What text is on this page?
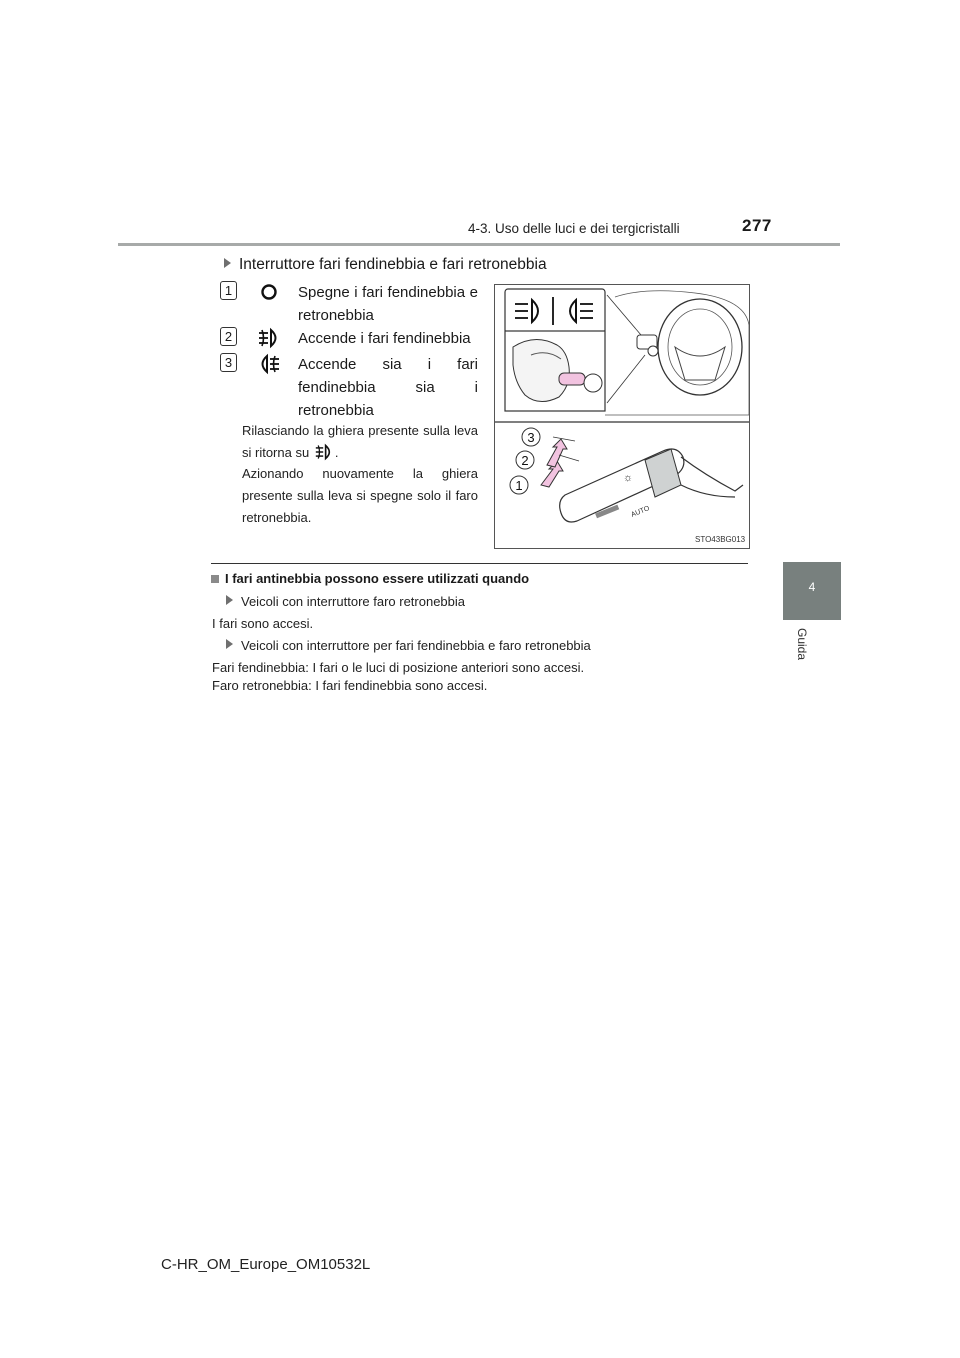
4-3. Uso delle luci e dei tergicristalli	277
4
Guida
Interruttore fari fendinebbia e fari retronebbia
1	Spegne i fari fendinebbia e retronebbia
2	Accende i fari fendinebbia
3	Accende sia i fari fendinebbia sia i retronebbia
Rilasciando la ghiera presente sulla leva si ritorna su .
Azionando nuovamente la ghiera presente sulla leva si spegne solo il faro retronebbia.
☼
AUTO
3
2
1
STO43BG013
I fari antinebbia possono essere utilizzati quando
Veicoli con interruttore faro retronebbia
I fari sono accesi.
Veicoli con interruttore per fari fendinebbia e faro retronebbia
Fari fendinebbia: I fari o le luci di posizione anteriori sono accesi.
Faro retronebbia: I fari fendinebbia sono accesi.
C-HR_OM_Europe_OM10532L
